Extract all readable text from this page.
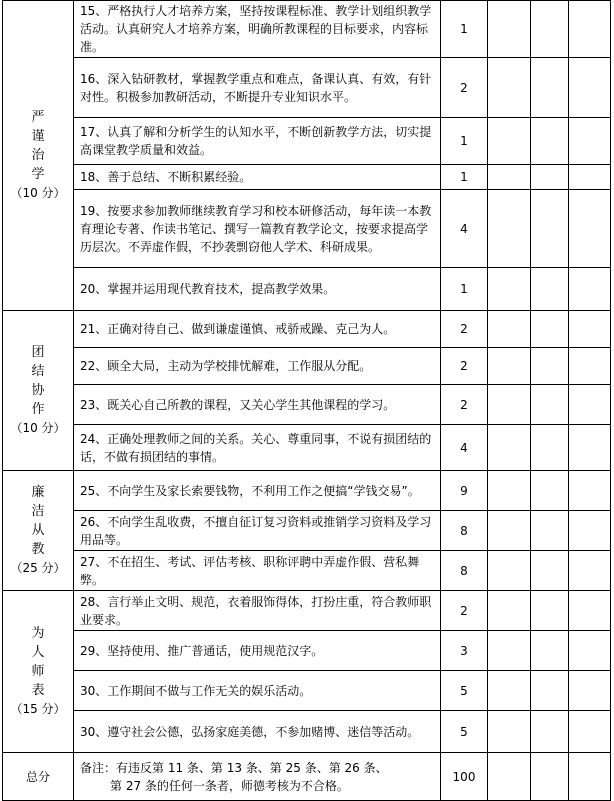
严
谨
治
学
（10 分）	15、严格执行人才培养方案，坚持按课程标准、教学计划组织教学活动。认真研究人才培养方案，明确所教课程的目标要求，内容标准。	1			
	16、深入钻研教材，掌握教学重点和难点，备课认真、有效，有针对性。积极参加教研活动，不断提升专业知识水平。	2			
	17、认真了解和分析学生的认知水平，不断创新教学方法，切实提高课堂教学质量和效益。	1			
	18、善于总结、不断积累经验。	1			
	19、按要求参加教师继续教育学习和校本研修活动，每年读一本教育理论专著、作读书笔记、撰写一篇教育教学论文，按要求提高学历层次。不弄虚作假，不抄袭剽窃他人学术、科研成果。	4			
	20、掌握并运用现代教育技术，提高教学效果。	1			

团
结
协
作
（10 分）	21、正确对待自己、做到谦虚谨慎、戒骄戒躁、克己为人。	2			
	22、顾全大局，主动为学校排忧解难，工作服从分配。	2			
	23、既关心自己所教的课程，又关心学生其他课程的学习。	2			
	24、正确处理教师之间的关系。关心、尊重同事，不说有损团结的话，不做有损团结的事情。	4			

廉
洁
从
教
（25 分）	25、不向学生及家长索要钱物，不利用工作之便搞“学钱交易”。	9			
	26、不向学生乱收费，不擅自征订复习资料或推销学习资料及学习用品等。	8			
	27、不在招生、考试、评估考核、职称评聘中弄虚作假、营私舞弊。	8			

为
人
师
表
（15 分）	28、言行举止文明、规范，衣着服饰得体，打扮庄重，符合教师职业要求。	2			
	29、坚持使用、推广普通话，使用规范汉字。	3			
	30、工作期间不做与工作无关的娱乐活动。	5			
	30、遵守社会公德，弘扬家庭美德，不参加赌博、迷信等活动。	5			
总分	备注：有违反第 11 条、第 13 条、第 25 条、第 26 条、
第 27 条的任何一条者，师德考核为不合格。	100			
